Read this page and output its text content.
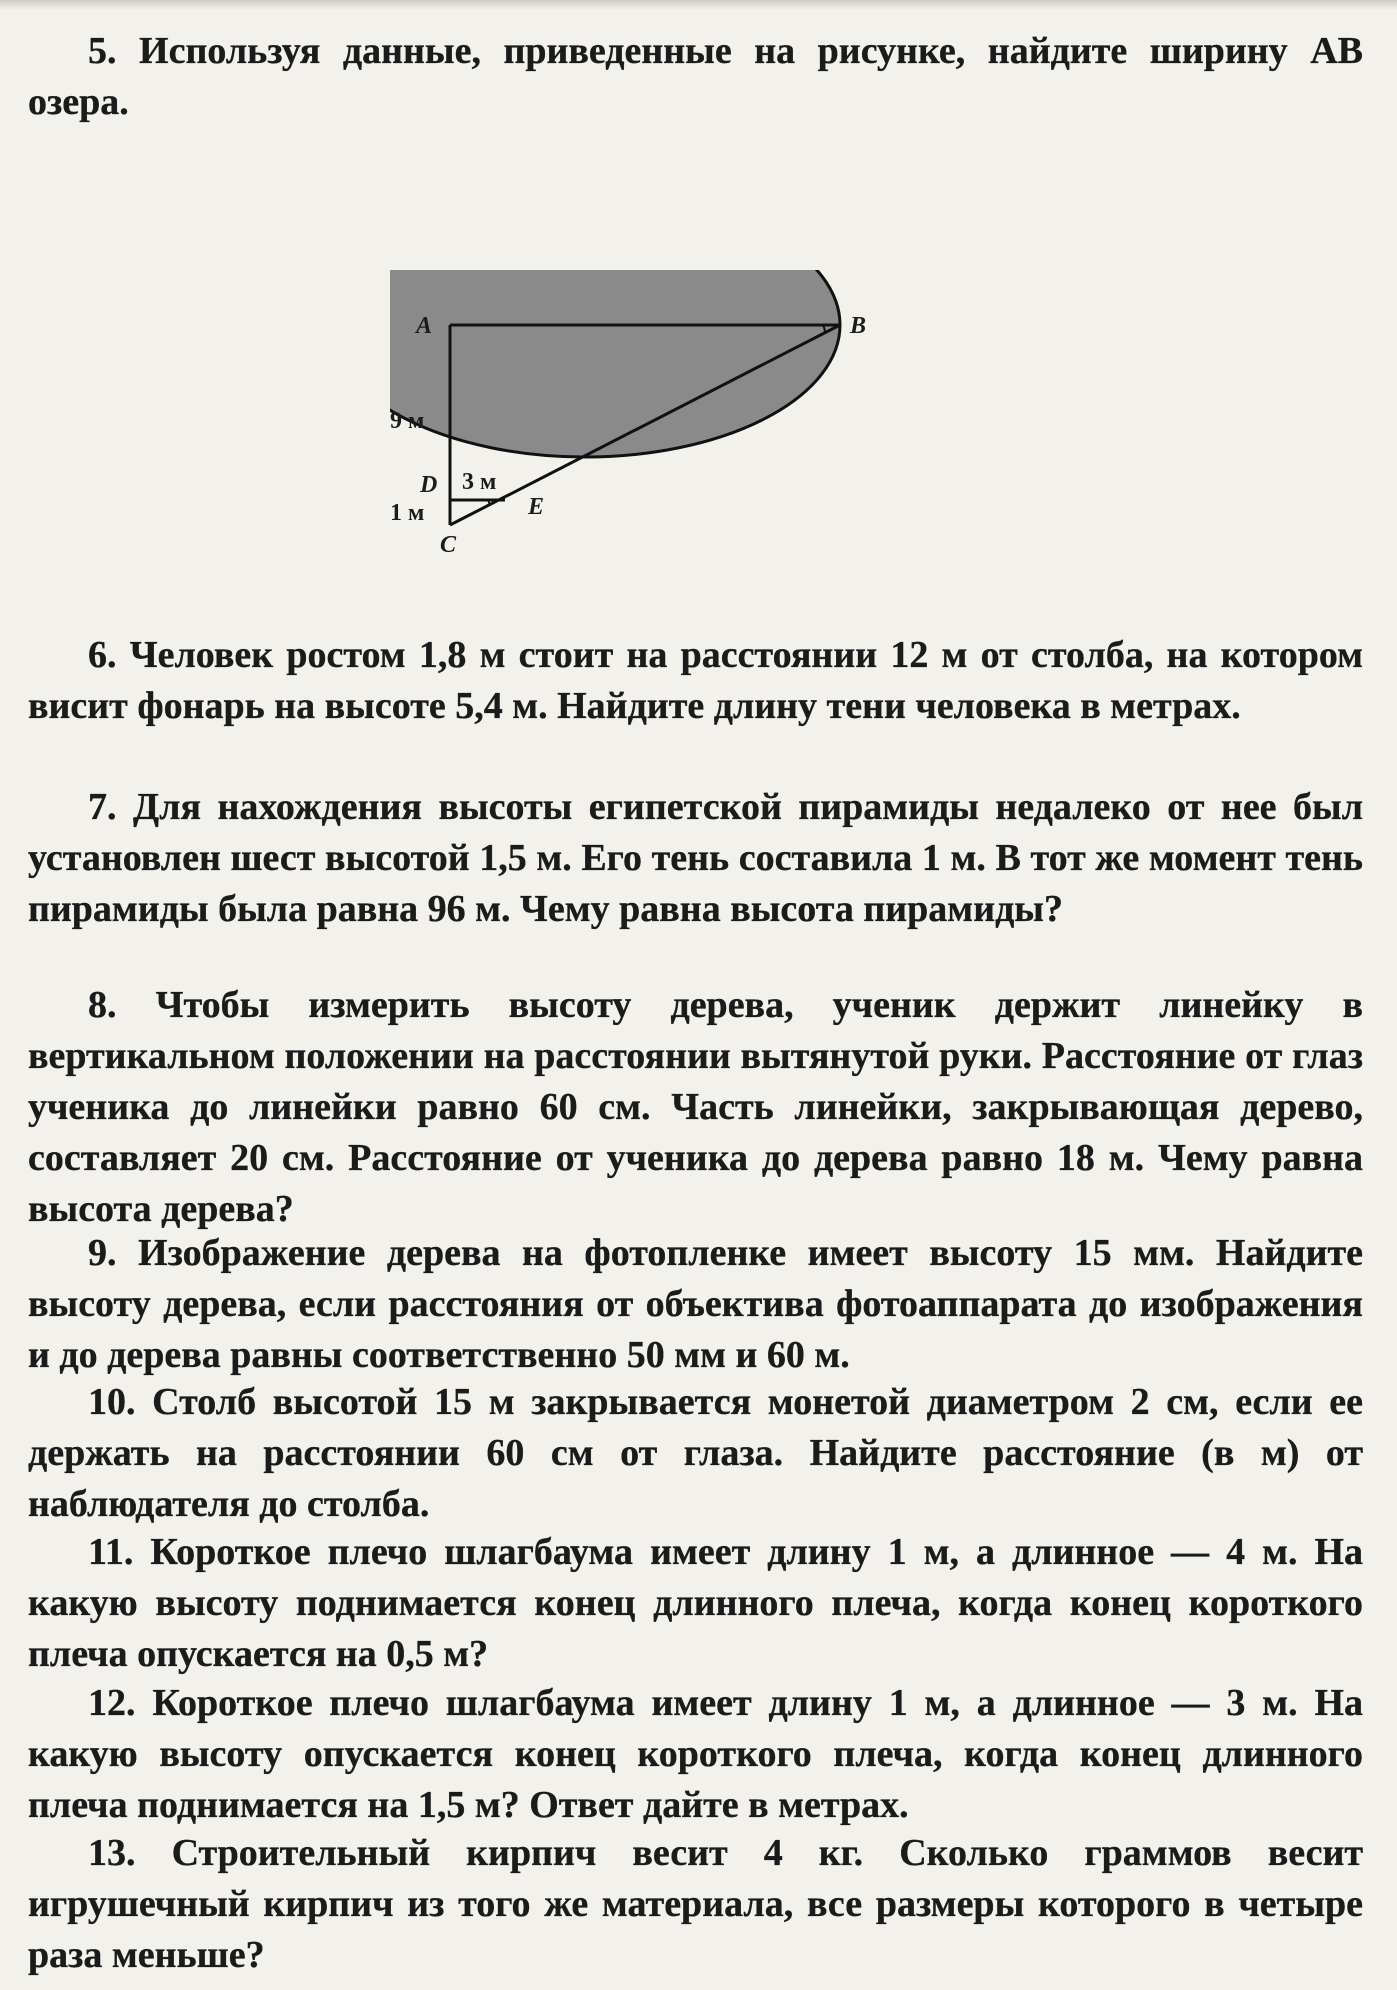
5. Используя данные, приведенные на рисунке, найдите ширину AB озера.
A	B
9 м
D 3 м
1 м	E
C
6. Человек ростом 1,8 м стоит на расстоянии 12 м от столба, на котором висит фонарь на высоте 5,4 м. Найдите длину тени человека в метрах.
7. Для нахождения высоты египетской пирамиды недалеко от нее был установлен шест высотой 1,5 м. Его тень составила 1 м. В тот же момент тень пирамиды была равна 96 м. Чему равна высота пирамиды?
8. Чтобы измерить высоту дерева, ученик держит линейку в вертикальном положении на расстоянии вытянутой руки. Расстояние от глаз ученика до линейки равно 60 см. Часть линейки, закрывающая дерево, составляет 20 см. Расстояние от ученика до дерева равно 18 м. Чему равна высота дерева?
9. Изображение дерева на фотопленке имеет высоту 15 мм. Найдите высоту дерева, если расстояния от объектива фотоаппарата до изображения и до дерева равны соответственно 50 мм и 60 м.
10. Столб высотой 15 м закрывается монетой диаметром 2 см, если ее держать на расстоянии 60 см от глаза. Найдите расстояние (в м) от наблюдателя до столба.
11. Короткое плечо шлагбаума имеет длину 1 м, а длинное — 4 м. На какую высоту поднимается конец длинного плеча, когда конец короткого плеча опускается на 0,5 м?
12. Короткое плечо шлагбаума имеет длину 1 м, а длинное — 3 м. На какую высоту опускается конец короткого плеча, когда конец длинного плеча поднимается на 1,5 м? Ответ дайте в метрах.
13. Строительный кирпич весит 4 кг. Сколько граммов весит игрушечный кирпич из того же материала, все размеры которого в четыре раза меньше?
